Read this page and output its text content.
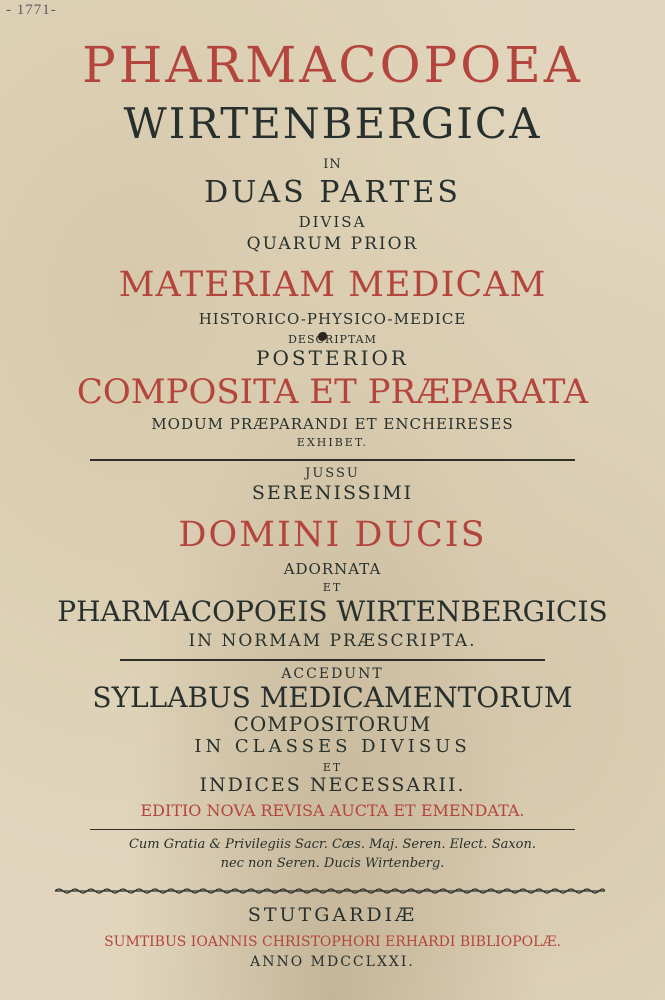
- 1771-
PHARMACOPOEA
WIRTENBERGICA
IN
DUAS PARTES
DIVISA
QUARUM PRIOR
MATERIAM MEDICAM
HISTORICO-PHYSICO-MEDICE
DESCRIPTAM
POSTERIOR
COMPOSITA ET PRÆPARATA
MODUM PRÆPARANDI ET ENCHEIRESES
EXHIBET.
JUSSU
SERENISSIMI
DOMINI DUCIS
ADORNATA
ET
PHARMACOPOEIS WIRTENBERGICIS
IN NORMAM PRÆSCRIPTA.
ACCEDUNT
SYLLABUS MEDICAMENTORUM
COMPOSITORUM
IN CLASSES DIVISUS
ET
INDICES NECESSARII.
EDITIO NOVA REVISA AUCTA ET EMENDATA.
Cum Gratia & Privilegiis Sacr. Cæs. Maj. Seren. Elect. Saxon.
nec non Seren. Ducis Wirtenberg.
STUTGARDIÆ
SUMTIBUS IOANNIS CHRISTOPHORI ERHARDI BIBLIOPOLÆ.
ANNO MDCCLXXI.
